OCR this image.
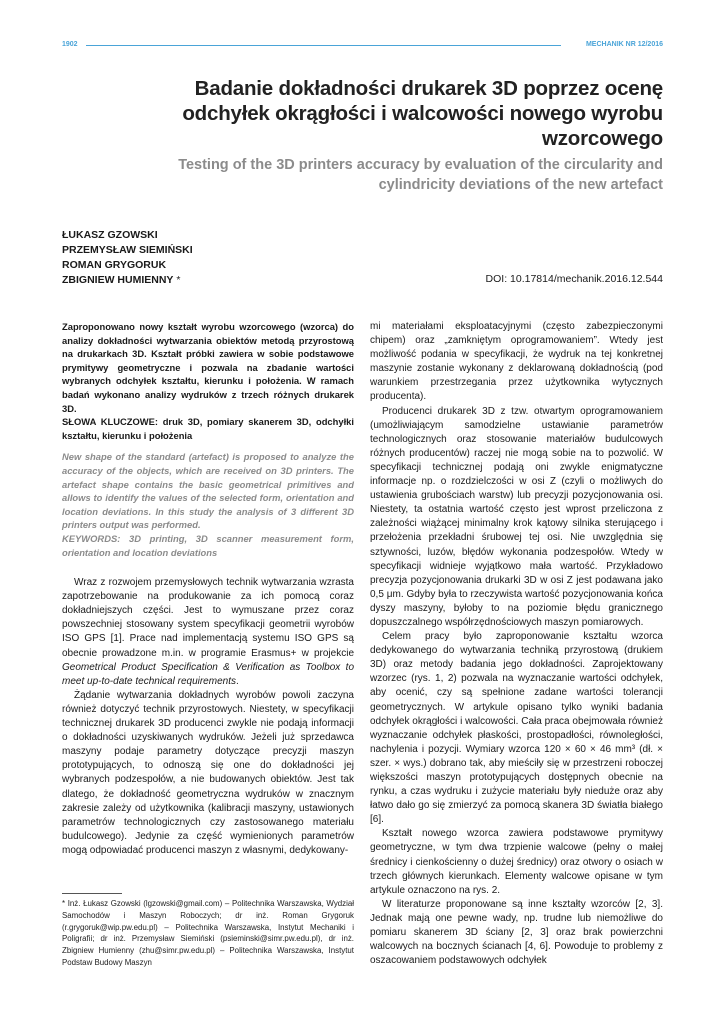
1902	MECHANIK NR 12/2016
Badanie dokładności drukarek 3D poprzez ocenę odchyłek okrągłości i walcowości nowego wyrobu wzorcowego
Testing of the 3D printers accuracy by evaluation of the circularity and cylindricity deviations of the new artefact
ŁUKASZ GZOWSKI
PRZEMYSŁAW SIEMIŃSKI
ROMAN GRYGORUK
ZBIGNIEW HUMIENNY *	DOI: 10.17814/mechanik.2016.12.544
Zaproponowano nowy kształt wyrobu wzorcowego (wzorca) do analizy dokładności wytwarzania obiektów metodą przyrostową na drukarkach 3D. Kształt próbki zawiera w sobie podstawowe prymitywy geometryczne i pozwala na zbadanie wartości wybranych odchyłek kształtu, kierunku i położenia. W ramach badań wykonano analizy wydruków z trzech różnych drukarek 3D.
SŁOWA KLUCZOWE: druk 3D, pomiary skanerem 3D, odchyłki kształtu, kierunku i położenia
New shape of the standard (artefact) is proposed to analyze the accuracy of the objects, which are received on 3D printers. The artefact shape contains the basic geometrical primitives and allows to identify the values of the selected form, orientation and location deviations. In this study the analysis of 3 different 3D printers output was performed.
KEYWORDS: 3D printing, 3D scanner measurement form, orientation and location deviations

Wraz z rozwojem przemysłowych technik wytwarzania wzrasta zapotrzebowanie na produkowanie za ich pomocą coraz dokładniejszych części. Jest to wymuszane przez coraz powszechniej stosowany system specyfikacji geometrii wyrobów ISO GPS [1]. Prace nad implementacją systemu ISO GPS są obecnie prowadzone m.in. w programie Erasmus+ w projekcie Geometrical Product Specification & Verification as Toolbox to meet up-to-date technical requirements.

Żądanie wytwarzania dokładnych wyrobów powoli zaczyna również dotyczyć technik przyrostowych. Niestety, w specyfikacji technicznej drukarek 3D producenci zwykle nie podają informacji o dokładności uzyskiwanych wydruków. Jeżeli już sprzedawca maszyny podaje parametry dotyczące precyzji maszyn prototypujących, to odnoszą się one do dokładności jej wybranych podzespołów, a nie budowanych obiektów. Jest tak dlatego, że dokładność geometryczna wydruków w znacznym zakresie zależy od użytkownika (kalibracji maszyny, ustawionych parametrów technologicznych czy zastosowanego materiału budulcowego). Jedynie za część wymienionych parametrów mogą odpowiadać producenci maszyn z własnymi, dedykowany-

* Inż. Łukasz Gzowski (lgzowski@gmail.com) – Politechnika Warszawska, Wydział Samochodów i Maszyn Roboczych; dr inż. Roman Grygoruk (r.grygoruk@wip.pw.edu.pl) – Politechnika Warszawska, Instytut Mechaniki i Poligrafii; dr inż. Przemysław Siemiński (psieminski@simr.pw.edu.pl), dr inż. Zbigniew Humienny (zhu@simr.pw.edu.pl) – Politechnika Warszawska, Instytut Podstaw Budowy Maszyn

mi materiałami eksploatacyjnymi (często zabezpieczonymi chipem) oraz „zamkniętym oprogramowaniem”. Wtedy jest możliwość podania w specyfikacji, że wydruk na tej konkretnej maszynie zostanie wykonany z deklarowaną dokładnością (pod warunkiem przestrzegania przez użytkownika wytycznych producenta).

Producenci drukarek 3D z tzw. otwartym oprogramowaniem (umożliwiającym samodzielne ustawianie parametrów technologicznych oraz stosowanie materiałów budulcowych różnych producentów) raczej nie mogą sobie na to pozwolić. W specyfikacji technicznej podają oni zwykle enigmatyczne informacje np. o rozdzielczości w osi Z (czyli o możliwych do ustawienia grubościach warstw) lub precyzji pozycjonowania osi. Niestety, ta ostatnia wartość często jest wprost przeliczona z zależności wiążącej minimalny krok kątowy silnika sterującego i przełożenia przekładni śrubowej tej osi. Nie uwzględnia się sztywności, luzów, błędów wykonania podzespołów. Wtedy w specyfikacji widnieje wyjątkowo mała wartość. Przykładowo precyzja pozycjonowania drukarki 3D w osi Z jest podawana jako 0,5 μm. Gdyby była to rzeczywista wartość pozycjonowania końca dyszy maszyny, byłoby to na poziomie błędu granicznego dopuszczalnego współrzędnościowych maszyn pomiarowych.

Celem pracy było zaproponowanie kształtu wzorca dedykowanego do wytwarzania techniką przyrostową (drukiem 3D) oraz metody badania jego dokładności. Zaprojektowany wzorzec (rys. 1, 2) pozwala na wyznaczanie wartości odchyłek, aby ocenić, czy są spełnione zadane wartości tolerancji geometrycznych. W artykule opisano tylko wyniki badania odchyłek okrągłości i walcowości. Cała praca obejmowała również wyznaczanie odchyłek płaskości, prostopadłości, równoległości, nachylenia i pozycji. Wymiary wzorca 120 × 60 × 46 mm³ (dł. × szer. × wys.) dobrano tak, aby mieściły się w przestrzeni roboczej większości maszyn prototypujących dostępnych obecnie na rynku, a czas wydruku i zużycie materiału były nieduże oraz aby łatwo dało go się zmierzyć za pomocą skanera 3D światła białego [6].

Kształt nowego wzorca zawiera podstawowe prymitywy geometryczne, w tym dwa trzpienie walcowe (pełny o małej średnicy i cienkościenny o dużej średnicy) oraz otwory o osiach w trzech głównych kierunkach. Elementy walcowe opisane w tym artykule oznaczono na rys. 2.

W literaturze proponowane są inne kształty wzorców [2, 3]. Jednak mają one pewne wady, np. trudne lub niemożliwe do pomiaru skanerem 3D ściany [2, 3] oraz brak powierzchni walcowych na bocznych ścianach [4, 6]. Powoduje to problemy z oszacowaniem podstawowych odchyłek
